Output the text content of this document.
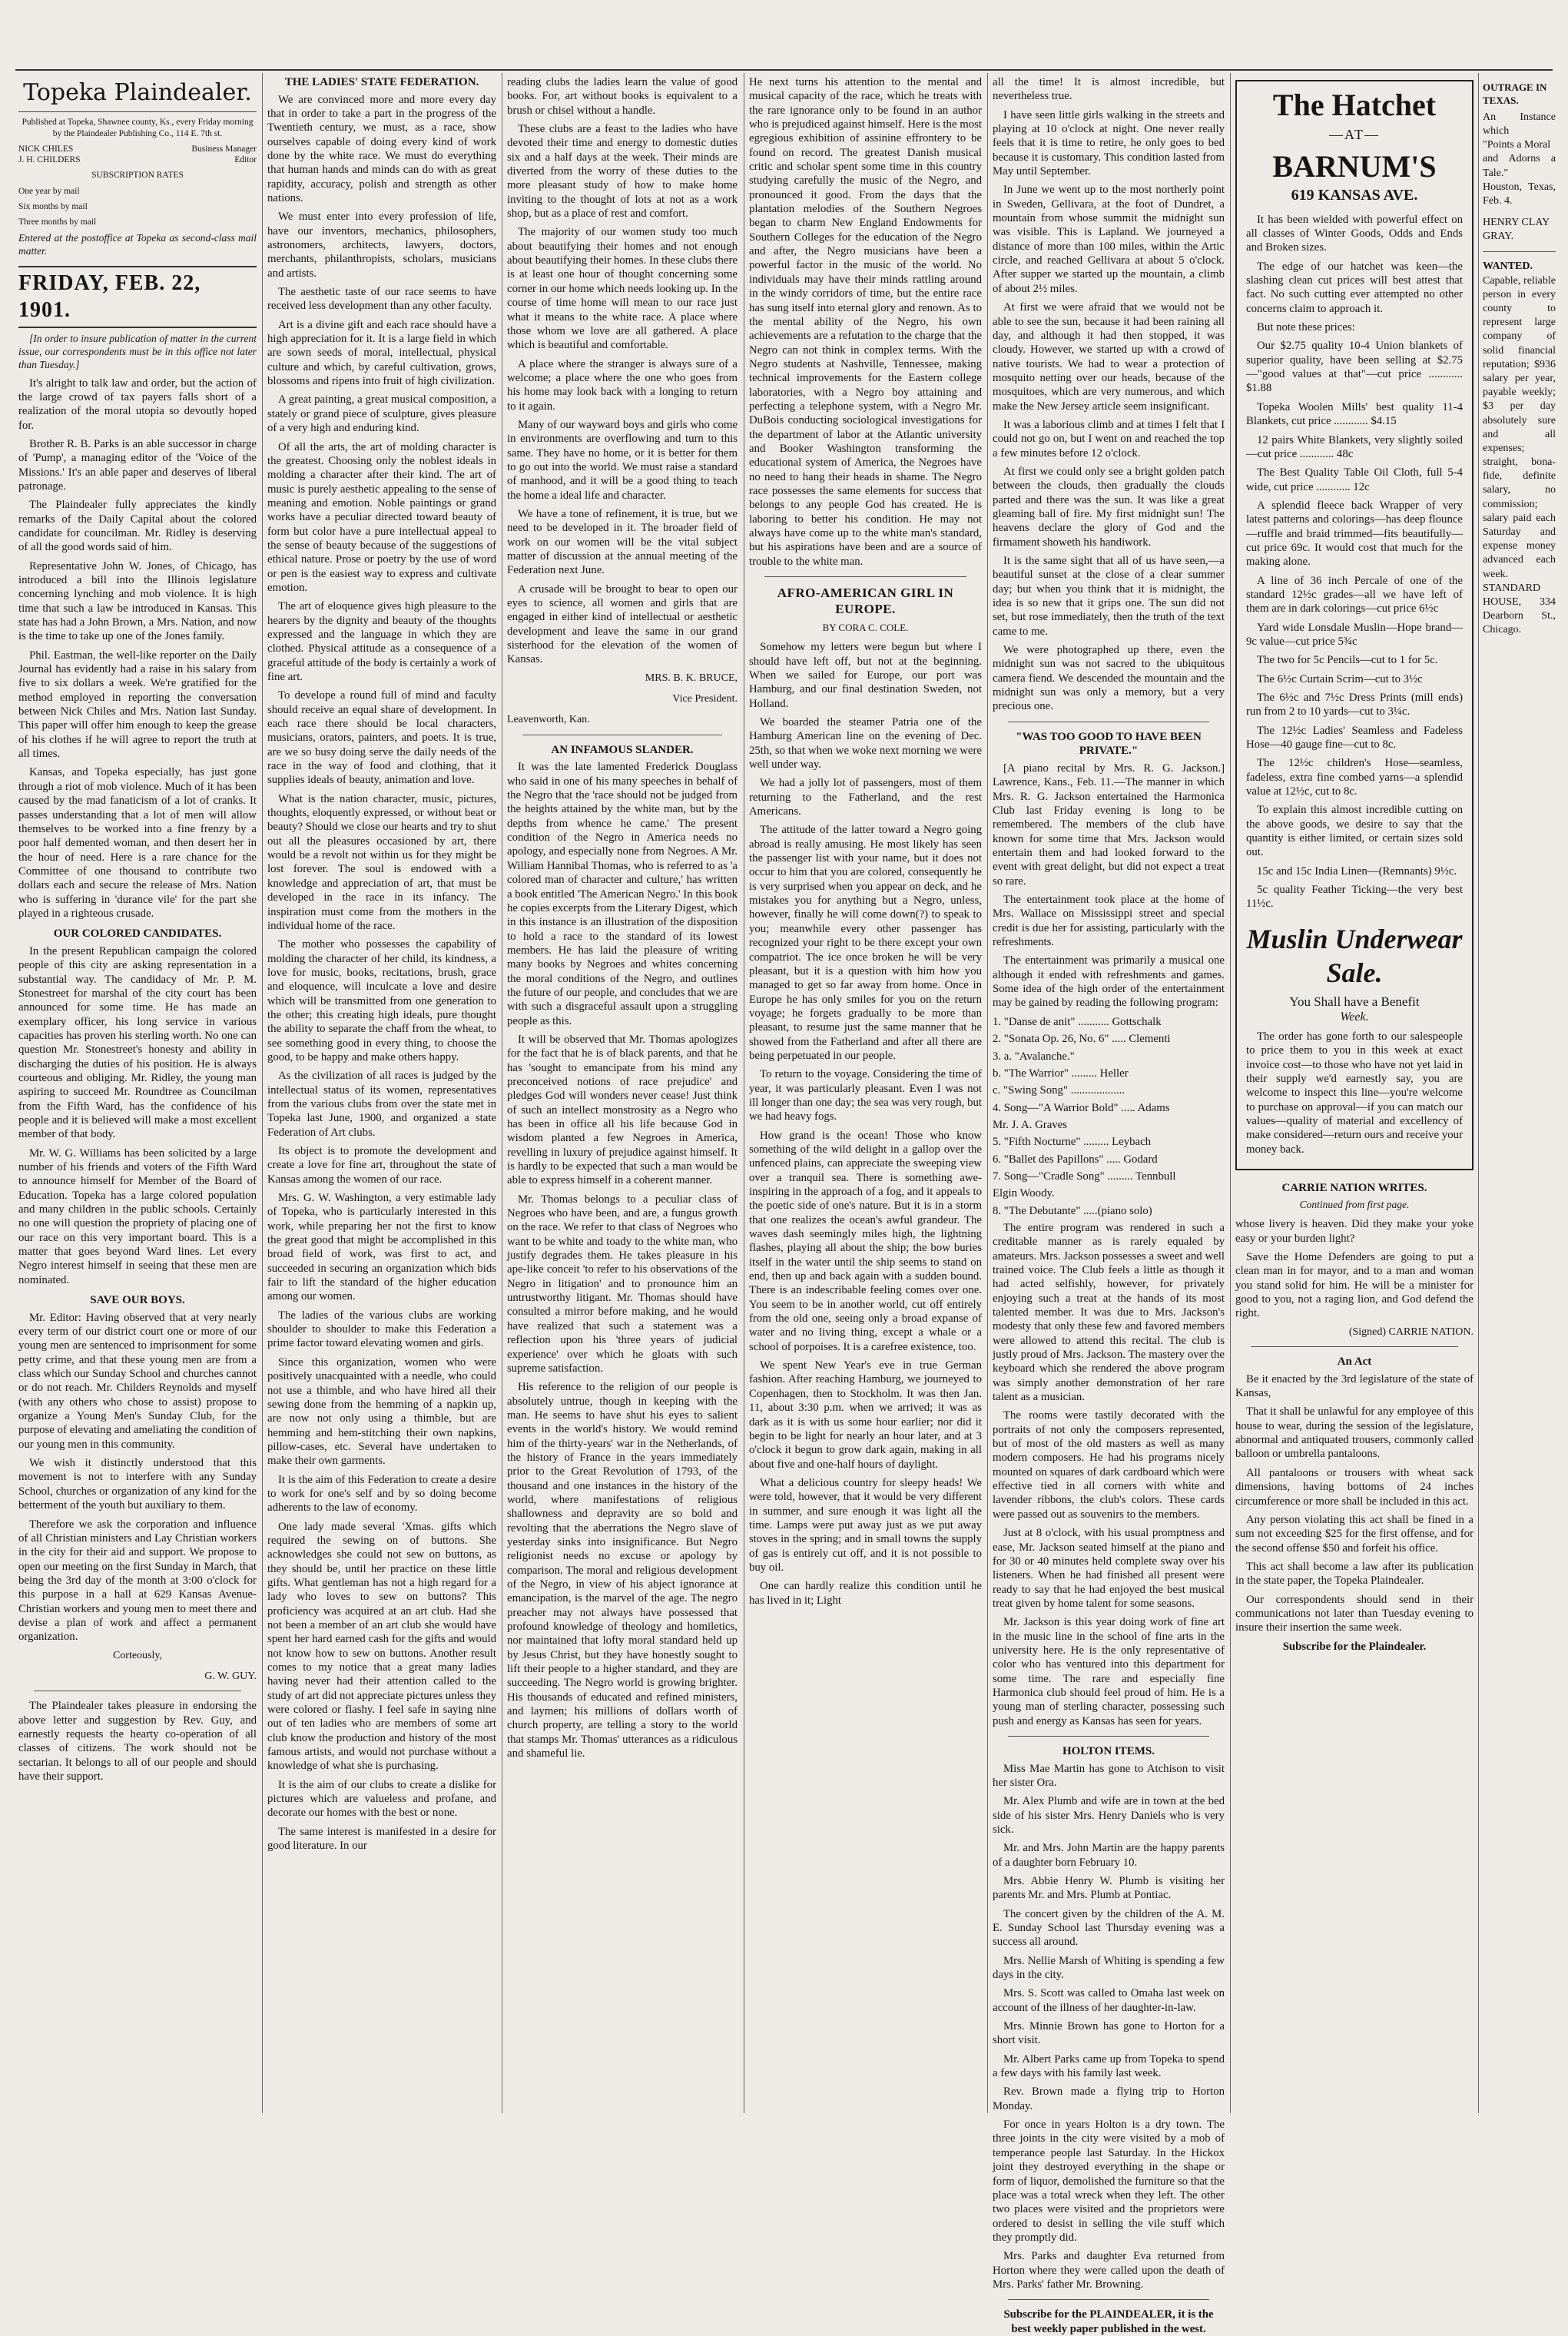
Topeka Plaindealer.
Published at Topeka, Shawnee county, Ks., every Friday morning by the Plaindealer Publishing Co., 114 E. 7th st.
NICK CHILES	Business Manager
J. H. CHILDERS	Editor
SUBSCRIPTION RATES
One year by mail
Six months by mail
Three months by mail
Entered at the postoffice at Topeka as second-class mail matter.
FRIDAY, FEB. 22, 1901.

[In order to insure publication of matter in the current issue, our correspondents must be in this office not later than Tuesday.]

It's alright to talk law and order, but the action of the large crowd of tax payers falls short of a realization of the moral utopia so devoutly hoped for.

Brother R. B. Parks is an able successor in charge of 'Pump', a managing editor of the 'Voice of the Missions.' It's an able paper and deserves of liberal patronage.

The Plaindealer fully appreciates the kindly remarks of the Daily Capital about the colored candidate for councilman. Mr. Ridley is deserving of all the good words said of him.

Representative John W. Jones, of Chicago, has introduced a bill into the Illinois legislature concerning lynching and mob violence. It is high time that such a law be introduced in Kansas. This state has had a John Brown, a Mrs. Nation, and now is the time to take up one of the Jones family.

Phil. Eastman, the well-like reporter on the Daily Journal has evidently had a raise in his salary from five to six dollars a week. We're gratified for the method employed in reporting the conversation between Nick Chiles and Mrs. Nation last Sunday. This paper will offer him enough to keep the grease of his clothes if he will agree to report the truth at all times.

Kansas, and Topeka especially, has just gone through a riot of mob violence. Much of it has been caused by the mad fanaticism of a lot of cranks. It passes understanding that a lot of men will allow themselves to be worked into a fine frenzy by a poor half demented woman, and then desert her in the hour of need. Here is a rare chance for the Committee of one thousand to contribute two dollars each and secure the release of Mrs. Nation who is suffering in 'durance vile' for the part she played in a righteous crusade.

OUR COLORED CANDIDATES.

In the present Republican campaign the colored people of this city are asking representation in a substantial way. The candidacy of Mr. P. M. Stonestreet for marshal of the city court has been announced for some time. He has made an exemplary officer, his long service in various capacities has proven his sterling worth. No one can question Mr. Stonestreet's honesty and ability in discharging the duties of his position. He is always courteous and obliging. Mr. Ridley, the young man aspiring to succeed Mr. Roundtree as Councilman from the Fifth Ward, has the confidence of his people and it is believed will make a most excellent member of that body.

Mr. W. G. Williams has been solicited by a large number of his friends and voters of the Fifth Ward to announce himself for Member of the Board of Education. Topeka has a large colored population and many children in the public schools. Certainly no one will question the propriety of placing one of our race on this very important board. This is a matter that goes beyond Ward lines. Let every Negro interest himself in seeing that these men are nominated.

SAVE OUR BOYS.

Mr. Editor: Having observed that at very nearly every term of our district court one or more of our young men are sentenced to imprisonment for some petty crime, and that these young men are from a class which our Sunday School and churches cannot or do not reach. Mr. Childers Reynolds and myself (with any others who chose to assist) propose to organize a Young Men's Sunday Club, for the purpose of elevating and ameliating the condition of our young men in this community.

We wish it distinctly understood that this movement is not to interfere with any Sunday School, churches or organization of any kind for the betterment of the youth but auxiliary to them.

Therefore we ask the corporation and influence of all Christian ministers and Lay Christian workers in the city for their aid and support. We propose to open our meeting on the first Sunday in March, that being the 3rd day of the month at 3:00 o'clock for this purpose in a hall at 629 Kansas Avenue-Christian workers and young men to meet there and devise a plan of work and affect a permanent organization.

Corteously,
G. W. GUY.

The Plaindealer takes pleasure in endorsing the above letter and suggestion by Rev. Guy, and earnestly requests the hearty co-operation of all classes of citizens. The work should not be sectarian. It belongs to all of our people and should have their support.

THE LADIES' STATE FEDERATION.

We are convinced more and more every day that in order to take a part in the progress of the Twentieth century, we must, as a race, show ourselves capable of doing every kind of work done by the white race. We must do everything that human hands and minds can do with as great rapidity, accuracy, polish and strength as other nations.

We must enter into every profession of life, have our inventors, mechanics, philosophers, astronomers, architects, lawyers, doctors, merchants, philanthropists, scholars, musicians and artists.

The aesthetic taste of our race seems to have received less development than any other faculty.

Art is a divine gift and each race should have a high appreciation for it. It is a large field in which are sown seeds of moral, intellectual, physical culture and which, by careful cultivation, grows, blossoms and ripens into fruit of high civilization.

A great painting, a great musical composition, a stately or grand piece of sculpture, gives pleasure of a very high and enduring kind.

Of all the arts, the art of molding character is the greatest. Choosing only the noblest ideals in molding a character after their kind. The art of music is purely aesthetic appealing to the sense of meaning and emotion. Noble paintings or grand works have a peculiar directed toward beauty of form but color have a pure intellectual appeal to the sense of beauty because of the suggestions of ethical nature. Prose or poetry by the use of word or pen is the easiest way to express and cultivate emotion.

The art of eloquence gives high pleasure to the hearers by the dignity and beauty of the thoughts expressed and the language in which they are clothed. Physical attitude as a consequence of a graceful attitude of the body is certainly a work of fine art.

To develope a round full of mind and faculty should receive an equal share of development. In each race there should be local characters, musicians, orators, painters, and poets. It is true, are we so busy doing serve the daily needs of the race in the way of food and clothing, that it supplies ideals of beauty, animation and love.

What is the nation character, music, pictures, thoughts, eloquently expressed, or without beat or beauty? Should we close our hearts and try to shut out all the pleasures occasioned by art, there would be a revolt not within us for they might be lost forever. The soul is endowed with a knowledge and appreciation of art, that must be developed in the race in its infancy. The inspiration must come from the mothers in the individual home of the race.

The mother who possesses the capability of molding the character of her child, its kindness, a love for music, books, recitations, brush, grace and eloquence, will inculcate a love and desire which will be transmitted from one generation to the other; this creating high ideals, pure thought the ability to separate the chaff from the wheat, to see something good in every thing, to choose the good, to be happy and make others happy.

As the civilization of all races is judged by the intellectual status of its women, representatives from the various clubs from over the state met in Topeka last June, 1900, and organized a state Federation of Art clubs.

Its object is to promote the development and create a love for fine art, throughout the state of Kansas among the women of our race.

Mrs. G. W. Washington, a very estimable lady of Topeka, who is particularly interested in this work, while preparing her not the first to know the great good that might be accomplished in this broad field of work, was first to act, and succeeded in securing an organization which bids fair to lift the standard of the higher education among our women.

The ladies of the various clubs are working shoulder to shoulder to make this Federation a prime factor toward elevating women and girls.

Since this organization, women who were positively unacquainted with a needle, who could not use a thimble, and who have hired all their sewing done from the hemming of a napkin up, are now not only using a thimble, but are hemming and hem-stitching their own napkins, pillow-cases, etc. Several have undertaken to make their own garments.

It is the aim of this Federation to create a desire to work for one's self and by so doing become adherents to the law of economy.

One lady made several 'Xmas. gifts which required the sewing on of buttons. She acknowledges she could not sew on buttons, as they should be, until her practice on these little gifts. What gentleman has not a high regard for a lady who loves to sew on buttons? This proficiency was acquired at an art club. Had she not been a member of an art club she would have spent her hard earned cash for the gifts and would not know how to sew on buttons. Another result comes to my notice that a great many ladies having never had their attention called to the study of art did not appreciate pictures unless they were colored or flashy. I feel safe in saying nine out of ten ladies who are members of some art club know the production and history of the most famous artists, and would not purchase without a knowledge of what she is purchasing.

It is the aim of our clubs to create a dislike for pictures which are valueless and profane, and decorate our homes with the best or none.

The same interest is manifested in a desire for good literature. In our

reading clubs the ladies learn the value of good books. For, art without books is equivalent to a brush or chisel without a handle.

These clubs are a feast to the ladies who have devoted their time and energy to domestic duties six and a half days at the week. Their minds are diverted from the worry of these duties to the more pleasant study of how to make home inviting to the thought of lots at not as a work shop, but as a place of rest and comfort.

The majority of our women study too much about beautifying their homes and not enough about beautifying their homes. In these clubs there is at least one hour of thought concerning some corner in our home which needs looking up. In the course of time home will mean to our race just what it means to the white race. A place where those whom we love are all gathered. A place which is beautiful and comfortable.

A place where the stranger is always sure of a welcome; a place where the one who goes from his home may look back with a longing to return to it again.

Many of our wayward boys and girls who come in environments are overflowing and turn to this same. They have no home, or it is better for them to go out into the world. We must raise a standard of manhood, and it will be a good thing to teach the home a ideal life and character.

We have a tone of refinement, it is true, but we need to be developed in it. The broader field of work on our women will be the vital subject matter of discussion at the annual meeting of the Federation next June.

A crusade will be brought to bear to open our eyes to science, all women and girls that are engaged in either kind of intellectual or aesthetic development and leave the same in our grand sisterhood for the elevation of the women of Kansas.

MRS. B. K. BRUCE,
Vice President.
Leavenworth, Kan.
AN INFAMOUS SLANDER.

It was the late lamented Frederick Douglass who said in one of his many speeches in behalf of the Negro that the 'race should not be judged from the heights attained by the white man, but by the depths from whence he came.' The present condition of the Negro in America needs no apology, and especially none from Negroes. A Mr. William Hannibal Thomas, who is referred to as 'a colored man of character and culture,' has written a book entitled 'The American Negro.' In this book he copies excerpts from the Literary Digest, which in this instance is an illustration of the disposition to hold a race to the standard of its lowest members. He has laid the pleasure of writing many books by Negroes and whites concerning the moral conditions of the Negro, and outlines the future of our people, and concludes that we are with such a disgraceful assault upon a struggling people as this.

It will be observed that Mr. Thomas apologizes for the fact that he is of black parents, and that he has 'sought to emancipate from his mind any preconceived notions of race prejudice' and pledges God will wonders never cease! Just think of such an intellect monstrosity as a Negro who has been in office all his life because God in wisdom planted a few Negroes in America, revelling in luxury of prejudice against himself. It is hardly to be expected that such a man would be able to express himself in a coherent manner.

Mr. Thomas belongs to a peculiar class of Negroes who have been, and are, a fungus growth on the race. We refer to that class of Negroes who want to be white and toady to the white man, who justify degrades them. He takes pleasure in his ape-like conceit 'to refer to his observations of the Negro in litigation' and to pronounce him an untrustworthy litigant. Mr. Thomas should have consulted a mirror before making, and he would have realized that such a statement was a reflection upon his 'three years of judicial experience' over which he gloats with such supreme satisfaction.

His reference to the religion of our people is absolutely untrue, though in keeping with the man. He seems to have shut his eyes to salient events in the world's history. We would remind him of the thirty-years' war in the Netherlands, of the history of France in the years immediately prior to the Great Revolution of 1793, of the thousand and one instances in the history of the world, where manifestations of religious shallowness and depravity are so bold and revolting that the aberrations the Negro slave of yesterday sinks into insignificance. But Negro religionist needs no excuse or apology by comparison. The moral and religious development of the Negro, in view of his abject ignorance at emancipation, is the marvel of the age. The negro preacher may not always have possessed that profound knowledge of theology and homiletics, nor maintained that lofty moral standard held up by Jesus Christ, but they have honestly sought to lift their people to a higher standard, and they are succeeding. The Negro world is growing brighter. His thousands of educated and refined ministers, and laymen; his millions of dollars worth of church property, are telling a story to the world that stamps Mr. Thomas' utterances as a ridiculous and shameful lie.

He next turns his attention to the mental and musical capacity of the race, which he treats with the rare ignorance only to be found in an author who is prejudiced against himself. Here is the most egregious exhibition of assinine effrontery to be found on record. The greatest Danish musical critic and scholar spent some time in this country studying carefully the music of the Negro, and pronounced it good. From the days that the plantation melodies of the Southern Negroes began to charm New England Endowments for Southern Colleges for the education of the Negro and after, the Negro musicians have been a powerful factor in the music of the world. No individuals may have their minds rattling around in the windy corridors of time, but the entire race has sung itself into eternal glory and renown. As to the mental ability of the Negro, his own achievements are a refutation to the charge that the Negro can not think in complex terms. With the Negro students at Nashville, Tennessee, making technical improvements for the Eastern college laboratories, with a Negro boy attaining and perfecting a telephone system, with a Negro Mr. DuBois conducting sociological investigations for the department of labor at the Atlantic university and Booker Washington transforming the educational system of America, the Negroes have no need to hang their heads in shame. The Negro race possesses the same elements for success that belongs to any people God has created. He is laboring to better his condition. He may not always have come up to the white man's standard, but his aspirations have been and are a source of trouble to the white man.

AFRO-AMERICAN GIRL IN EUROPE.
BY CORA C. COLE.

Somehow my letters were begun but where I should have left off, but not at the beginning. When we sailed for Europe, our port was Hamburg, and our final destination Sweden, not Holland.

We boarded the steamer Patria one of the Hamburg American line on the evening of Dec. 25th, so that when we woke next morning we were well under way.

We had a jolly lot of passengers, most of them returning to the Fatherland, and the rest Americans.

The attitude of the latter toward a Negro going abroad is really amusing. He most likely has seen the passenger list with your name, but it does not occur to him that you are colored, consequently he is very surprised when you appear on deck, and he mistakes you for anything but a Negro, unless, however, finally he will come down(?) to speak to you; meanwhile every other passenger has recognized your right to be there except your own compatriot. The ice once broken he will be very pleasant, but it is a question with him how you managed to get so far away from home. Once in Europe he has only smiles for you on the return voyage; he forgets gradually to be more than pleasant, to resume just the same manner that he showed from the Fatherland and after all there are being perpetuated in our people.

To return to the voyage. Considering the time of year, it was particularly pleasant. Even I was not ill longer than one day; the sea was very rough, but we had heavy fogs.

How grand is the ocean! Those who know something of the wild delight in a gallop over the unfenced plains, can appreciate the sweeping view over a tranquil sea. There is something awe-inspiring in the approach of a fog, and it appeals to the poetic side of one's nature. But it is in a storm that one realizes the ocean's awful grandeur. The waves dash seemingly miles high, the lightning flashes, playing all about the ship; the bow buries itself in the water until the ship seems to stand on end, then up and back again with a sudden bound. There is an indescribable feeling comes over one. You seem to be in another world, cut off entirely from the old one, seeing only a broad expanse of water and no living thing, except a whale or a school of porpoises. It is a carefree existence, too.

We spent New Year's eve in true German fashion. After reaching Hamburg, we journeyed to Copenhagen, then to Stockholm. It was then Jan. 11, about 3:30 p.m. when we arrived; it was as dark as it is with us some hour earlier; nor did it begin to be light for nearly an hour later, and at 3 o'clock it begun to grow dark again, making in all about five and one-half hours of daylight.

What a delicious country for sleepy heads! We were told, however, that it would be very different in summer, and sure enough it was light all the time. Lamps were put away just as we put away stoves in the spring; and in small towns the supply of gas is entirely cut off, and it is not possible to buy oil.

One can hardly realize this condition until he has lived in it; Light

all the time! It is almost incredible, but nevertheless true.

I have seen little girls walking in the streets and playing at 10 o'clock at night. One never really feels that it is time to retire, he only goes to bed because it is customary. This condition lasted from May until September.

In June we went up to the most northerly point in Sweden, Gellivara, at the foot of Dundret, a mountain from whose summit the midnight sun was visible. This is Lapland. We journeyed a distance of more than 100 miles, within the Artic circle, and reached Gellivara at about 5 o'clock. After supper we started up the mountain, a climb of about 2½ miles.

At first we were afraid that we would not be able to see the sun, because it had been raining all day, and although it had then stopped, it was cloudy. However, we started up with a crowd of native tourists. We had to wear a protection of mosquito netting over our heads, because of the mosquitoes, which are very numerous, and which make the New Jersey article seem insignificant.

It was a laborious climb and at times I felt that I could not go on, but I went on and reached the top a few minutes before 12 o'clock.

At first we could only see a bright golden patch between the clouds, then gradually the clouds parted and there was the sun. It was like a great gleaming ball of fire. My first midnight sun! The heavens declare the glory of God and the firmament showeth his handiwork.

It is the same sight that all of us have seen,—a beautiful sunset at the close of a clear summer day; but when you think that it is midnight, the idea is so new that it grips one. The sun did not set, but rose immediately, then the truth of the text came to me.

We were photographed up there, even the midnight sun was not sacred to the ubiquitous camera fiend. We descended the mountain and the midnight sun was only a memory, but a very precious one.

"WAS TOO GOOD TO HAVE BEEN PRIVATE."

[A piano recital by Mrs. R. G. Jackson.] Lawrence, Kans., Feb. 11.—The manner in which Mrs. R. G. Jackson entertained the Harmonica Club last Friday evening is long to be remembered. The members of the club have known for some time that Mrs. Jackson would entertain them and had looked forward to the event with great delight, but did not expect a treat so rare.

The entertainment took place at the home of Mrs. Wallace on Mississippi street and special credit is due her for assisting, particularly with the refreshments.

The entertainment was primarily a musical one although it ended with refreshments and games. Some idea of the high order of the entertainment may be gained by reading the following program:

1. "Danse de anit" ........... Gottschalk
2. "Sonata Op. 26, No. 6" ..... Clementi
3. a. "Avalanche."
b. "The Warrior" ......... Heller
c. "Swing Song" ...................
4. Song—"A Warrior Bold" ..... Adams
Mr. J. A. Graves
5. "Fifth Nocturne" ......... Leybach
6. "Ballet des Papillons" ..... Godard
7. Song—"Cradle Song" ......... Tennbull
Elgin Woody.
8. "The Debutante" .....(piano solo)

The entire program was rendered in such a creditable manner as is rarely equaled by amateurs. Mrs. Jackson possesses a sweet and well trained voice. The Club feels a little as though it had acted selfishly, however, for privately enjoying such a treat at the hands of its most talented member. It was due to Mrs. Jackson's modesty that only these few and favored members were allowed to attend this recital. The club is justly proud of Mrs. Jackson. The mastery over the keyboard which she rendered the above program was simply another demonstration of her rare talent as a musician.

The rooms were tastily decorated with the portraits of not only the composers represented, but of most of the old masters as well as many modern composers. He had his programs nicely mounted on squares of dark cardboard which were effective tied in all corners with white and lavender ribbons, the club's colors. These cards were passed out as souvenirs to the members.

Just at 8 o'clock, with his usual promptness and ease, Mr. Jackson seated himself at the piano and for 30 or 40 minutes held complete sway over his listeners. When he had finished all present were ready to say that he had enjoyed the best musical treat given by home talent for some seasons.

Mr. Jackson is this year doing work of fine art in the music line in the school of fine arts in the university here. He is the only representative of color who has ventured into this department for some time. The rare and especially fine Harmonica club should feel proud of him. He is a young man of sterling character, possessing such push and energy as Kansas has seen for years.

HOLTON ITEMS.

Miss Mae Martin has gone to Atchison to visit her sister Ora.

Mr. Alex Plumb and wife are in town at the bed side of his sister Mrs. Henry Daniels who is very sick.

Mr. and Mrs. John Martin are the happy parents of a daughter born February 10.

Mrs. Abbie Henry W. Plumb is visiting her parents Mr. and Mrs. Plumb at Pontiac.

The concert given by the children of the A. M. E. Sunday School last Thursday evening was a success all around.

Mrs. Nellie Marsh of Whiting is spending a few days in the city.

Mrs. S. Scott was called to Omaha last week on account of the illness of her daughter-in-law.

Mrs. Minnie Brown has gone to Horton for a short visit.

Mr. Albert Parks came up from Topeka to spend a few days with his family last week.

Rev. Brown made a flying trip to Horton Monday.

For once in years Holton is a dry town. The three joints in the city were visited by a mob of temperance people last Saturday. In the Hickox joint they destroyed everything in the shape or form of liquor, demolished the furniture so that the place was a total wreck when they left. The other two places were visited and the proprietors were ordered to desist in selling the vile stuff which they promptly did.

Mrs. Parks and daughter Eva returned from Horton where they were called upon the death of Mrs. Parks' father Mr. Browning.

Subscribe for the PLAINDEALER, it is the best weekly paper published in the west.

The Hatchet
—AT—
BARNUM'S
619 KANSAS AVE.

It has been wielded with powerful effect on all classes of Winter Goods, Odds and Ends and Broken sizes.

The edge of our hatchet was keen—the slashing clean cut prices will best attest that fact. No such cutting ever attempted no other concerns claim to approach it.

But note these prices:

Our $2.75 quality 10-4 Union blankets of superior quality, have been selling at $2.75—"good values at that"—cut price ............ $1.88

Topeka Woolen Mills' best quality 11-4 Blankets, cut price ............ $4.15

12 pairs White Blankets, very slightly soiled—cut price ............ 48c

The Best Quality Table Oil Cloth, full 5-4 wide, cut price ............ 12c

A splendid fleece back Wrapper of very latest patterns and colorings—has deep flounce—ruffle and braid trimmed—fits beautifully—cut price 69c. It would cost that much for the making alone.

A line of 36 inch Percale of one of the standard 12½c grades—all we have left of them are in dark colorings—cut price 6½c

Yard wide Lonsdale Muslin—Hope brand—9c value—cut price 5¾c

The two for 5c Pencils—cut to 1 for 5c.

The 6½c Curtain Scrim—cut to 3½c

The 6½c and 7½c Dress Prints (mill ends) run from 2 to 10 yards—cut to 3¼c.

The 12½c Ladies' Seamless and Fadeless Hose—40 gauge fine—cut to 8c.

The 12½c children's Hose—seamless, fadeless, extra fine combed yarns—a splendid value at 12½c, cut to 8c.

To explain this almost incredible cutting on the above goods, we desire to say that the quantity is either limited, or certain sizes sold out.

15c and 15c India Linen—(Remnants) 9½c.

5c quality Feather Ticking—the very best 11½c.

Muslin Underwear Sale.
You Shall have a Benefit
Week.

The order has gone forth to our salespeople to price them to you in this week at exact invoice cost—to those who have not yet laid in their supply we'd earnestly say, you are welcome to inspect this line—you're welcome to purchase on approval—if you can match our values—quality of material and excellency of make considered—return ours and receive your money back.

CARRIE NATION WRITES.
Continued from first page.

whose livery is heaven. Did they make your yoke easy or your burden light?

Save the Home Defenders are going to put a clean man in for mayor, and to a man and woman you stand solid for him. He will be a minister for good to you, not a raging lion, and God defend the right.

(Signed) CARRIE NATION.
An Act

Be it enacted by the 3rd legislature of the state of Kansas,

That it shall be unlawful for any employee of this house to wear, during the session of the legislature, abnormal and antiquated trousers, commonly called balloon or umbrella pantaloons.

All pantaloons or trousers with wheat sack dimensions, having bottoms of 24 inches circumference or more shall be included in this act.

Any person violating this act shall be fined in a sum not exceeding $25 for the first offense, and for the second offense $50 and forfeit his office.

This act shall become a law after its publication in the state paper, the Topeka Plaindealer.

Our correspondents should send in their communications not later than Tuesday evening to insure their insertion the same week.

Subscribe for the Plaindealer.

OUTRAGE IN TEXAS.
An Instance which
"Points a Moral
and Adorns a Tale."
Houston, Texas, Feb. 4.
HENRY CLAY GRAY.
WANTED.
Capable, reliable person in every county to represent large company of solid financial reputation; $936 salary per year, payable weekly; $3 per day absolutely sure and all expenses; straight, bona-fide, definite salary, no commission; salary paid each Saturday and expense money advanced each week. STANDARD HOUSE, 334 Dearborn St., Chicago.
